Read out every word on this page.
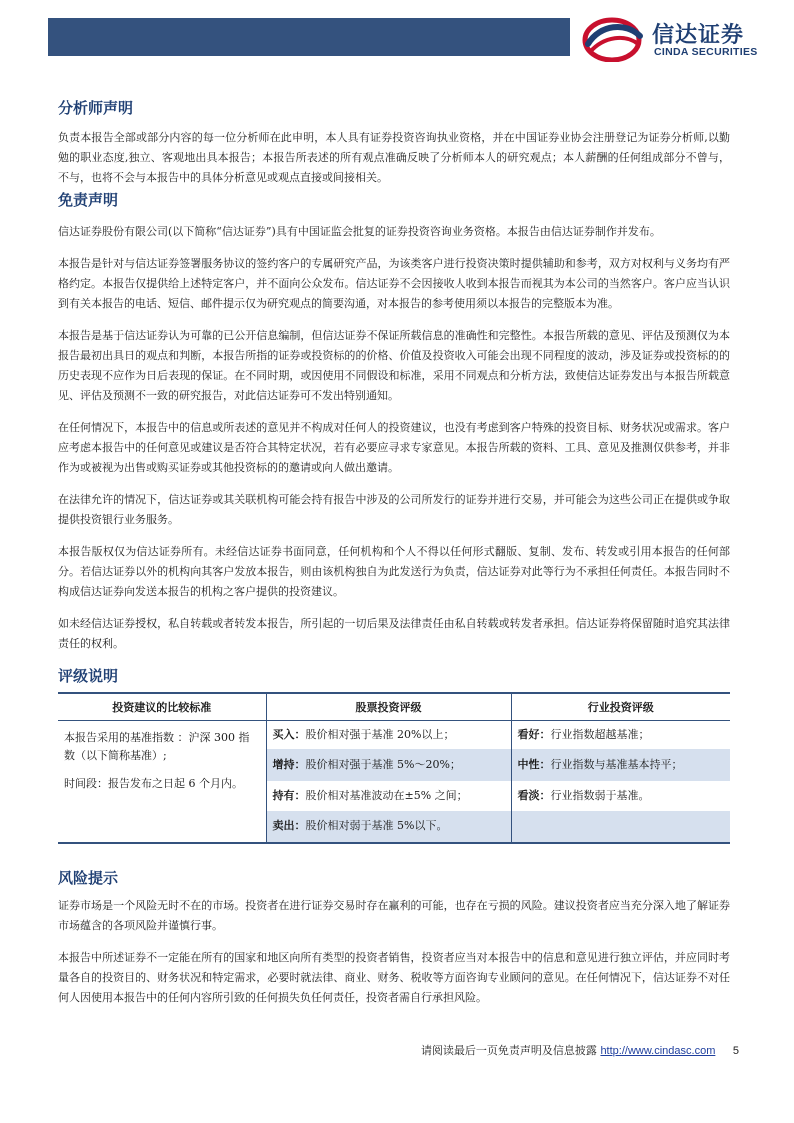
信达证券
CINDA SECURITIES
分析师声明

负责本报告全部或部分内容的每一位分析师在此申明，本人具有证券投资咨询执业资格，并在中国证券业协会注册登记为证券分析师,以勤勉的职业态度,独立、客观地出具本报告；本报告所表述的所有观点准确反映了分析师本人的研究观点；本人薪酬的任何组成部分不曾与，不与，也将不会与本报告中的具体分析意见或观点直接或间接相关。

免责声明

信达证券股份有限公司(以下简称“信达证券”)具有中国证监会批复的证券投资咨询业务资格。本报告由信达证券制作并发布。

本报告是针对与信达证券签署服务协议的签约客户的专属研究产品，为该类客户进行投资决策时提供辅助和参考，双方对权利与义务均有严格约定。本报告仅提供给上述特定客户，并不面向公众发布。信达证券不会因接收人收到本报告而视其为本公司的当然客户。客户应当认识到有关本报告的电话、短信、邮件提示仅为研究观点的简要沟通，对本报告的参考使用须以本报告的完整版本为准。

本报告是基于信达证券认为可靠的已公开信息编制，但信达证券不保证所载信息的准确性和完整性。本报告所载的意见、评估及预测仅为本报告最初出具日的观点和判断，本报告所指的证券或投资标的的价格、价值及投资收入可能会出现不同程度的波动，涉及证券或投资标的的历史表现不应作为日后表现的保证。在不同时期，或因使用不同假设和标准，采用不同观点和分析方法，致使信达证券发出与本报告所载意见、评估及预测不一致的研究报告，对此信达证券可不发出特别通知。

在任何情况下，本报告中的信息或所表述的意见并不构成对任何人的投资建议，也没有考虑到客户特殊的投资目标、财务状况或需求。客户应考虑本报告中的任何意见或建议是否符合其特定状况，若有必要应寻求专家意见。本报告所载的资料、工具、意见及推测仅供参考，并非作为或被视为出售或购买证券或其他投资标的的邀请或向人做出邀请。

在法律允许的情况下，信达证券或其关联机构可能会持有报告中涉及的公司所发行的证券并进行交易，并可能会为这些公司正在提供或争取提供投资银行业务服务。

本报告版权仅为信达证券所有。未经信达证券书面同意，任何机构和个人不得以任何形式翻版、复制、发布、转发或引用本报告的任何部分。若信达证券以外的机构向其客户发放本报告，则由该机构独自为此发送行为负责，信达证券对此等行为不承担任何责任。本报告同时不构成信达证券向发送本报告的机构之客户提供的投资建议。

如未经信达证券授权，私自转载或者转发本报告，所引起的一切后果及法律责任由私自转载或转发者承担。信达证券将保留随时追究其法律责任的权利。

评级说明
投资建议的比较标准	股票投资评级	行业投资评级

本报告采用的基准指数 ：沪深 300 指数（以下简称基准）;
时间段：报告发布之日起 6 个月内。	买入：股价相对强于基准 20%以上；	看好：行业指数超越基准；
	增持：股价相对强于基准 5%～20%；	中性：行业指数与基准基本持平；
	持有：股价相对基准波动在±5% 之间；	看淡：行业指数弱于基准。
	卖出：股价相对弱于基准 5%以下。	
风险提示

证券市场是一个风险无时不在的市场。投资者在进行证券交易时存在赢利的可能，也存在亏损的风险。建议投资者应当充分深入地了解证券市场蕴含的各项风险并谨慎行事。

本报告中所述证券不一定能在所有的国家和地区向所有类型的投资者销售，投资者应当对本报告中的信息和意见进行独立评估，并应同时考量各自的投资目的、财务状况和特定需求，必要时就法律、商业、财务、税收等方面咨询专业顾问的意见。在任何情况下，信达证券不对任何人因使用本报告中的任何内容所引致的任何损失负任何责任，投资者需自行承担风险。

请阅读最后一页免责声明及信息披露 http://www.cindasc.com 5
